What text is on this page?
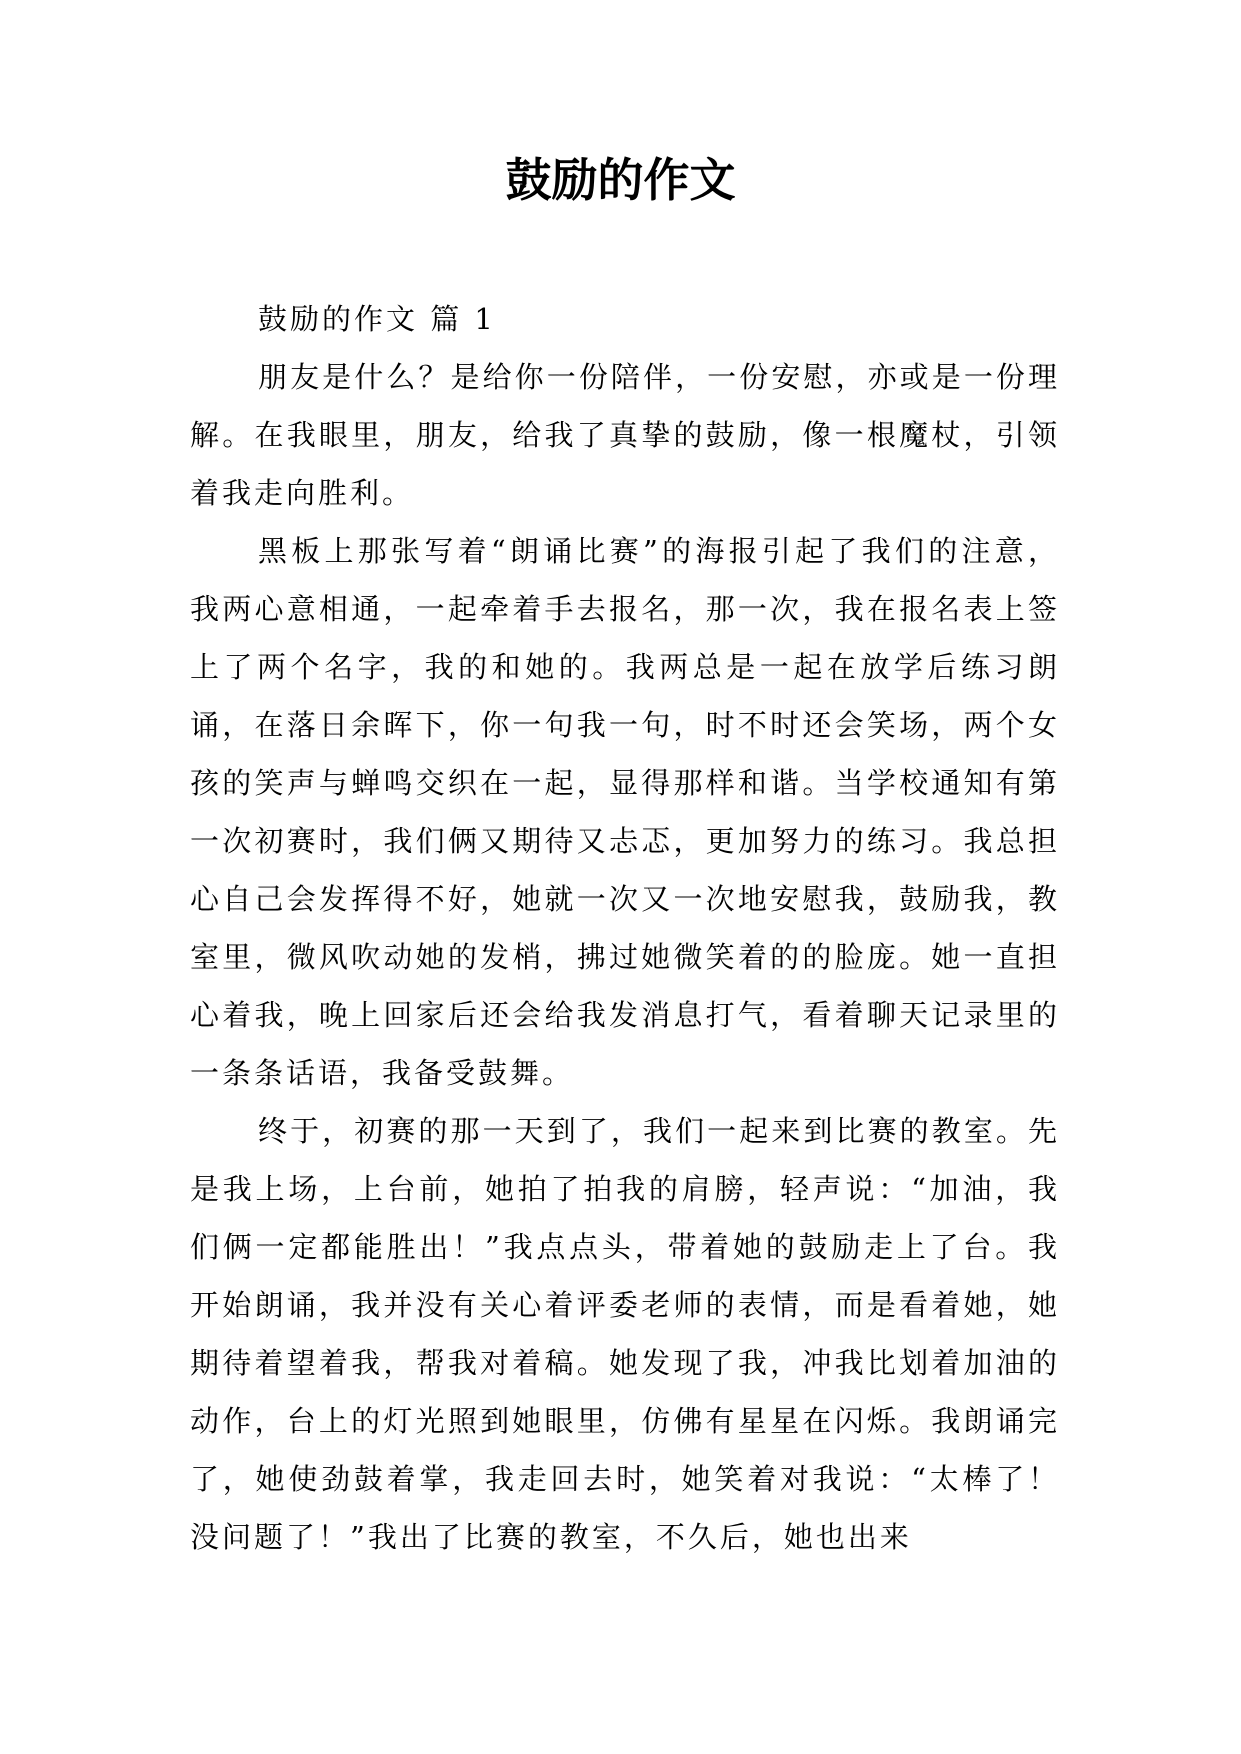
鼓励的作文

鼓励的作文 篇 1

朋友是什么？是给你一份陪伴，一份安慰，亦或是一份理解。在我眼里，朋友，给我了真挚的鼓励，像一根魔杖，引领着我走向胜利。

黑板上那张写着“朗诵比赛”的海报引起了我们的注意，我两心意相通，一起牵着手去报名，那一次，我在报名表上签上了两个名字，我的和她的。我两总是一起在放学后练习朗诵，在落日余晖下，你一句我一句，时不时还会笑场，两个女孩的笑声与蝉鸣交织在一起，显得那样和谐。当学校通知有第一次初赛时，我们俩又期待又忐忑，更加努力的练习。我总担心自己会发挥得不好，她就一次又一次地安慰我，鼓励我，教室里，微风吹动她的发梢，拂过她微笑着的的脸庞。她一直担心着我，晚上回家后还会给我发消息打气，看着聊天记录里的一条条话语，我备受鼓舞。

终于，初赛的那一天到了，我们一起来到比赛的教室。先是我上场，上台前，她拍了拍我的肩膀，轻声说：“加油，我们俩一定都能胜出！”我点点头，带着她的鼓励走上了台。我开始朗诵，我并没有关心着评委老师的表情，而是看着她，她期待着望着我，帮我对着稿。她发现了我，冲我比划着加油的动作，台上的灯光照到她眼里，仿佛有星星在闪烁。我朗诵完了，她使劲鼓着掌，我走回去时，她笑着对我说：“太棒了！没问题了！”我出了比赛的教室，不久后，她也出来
